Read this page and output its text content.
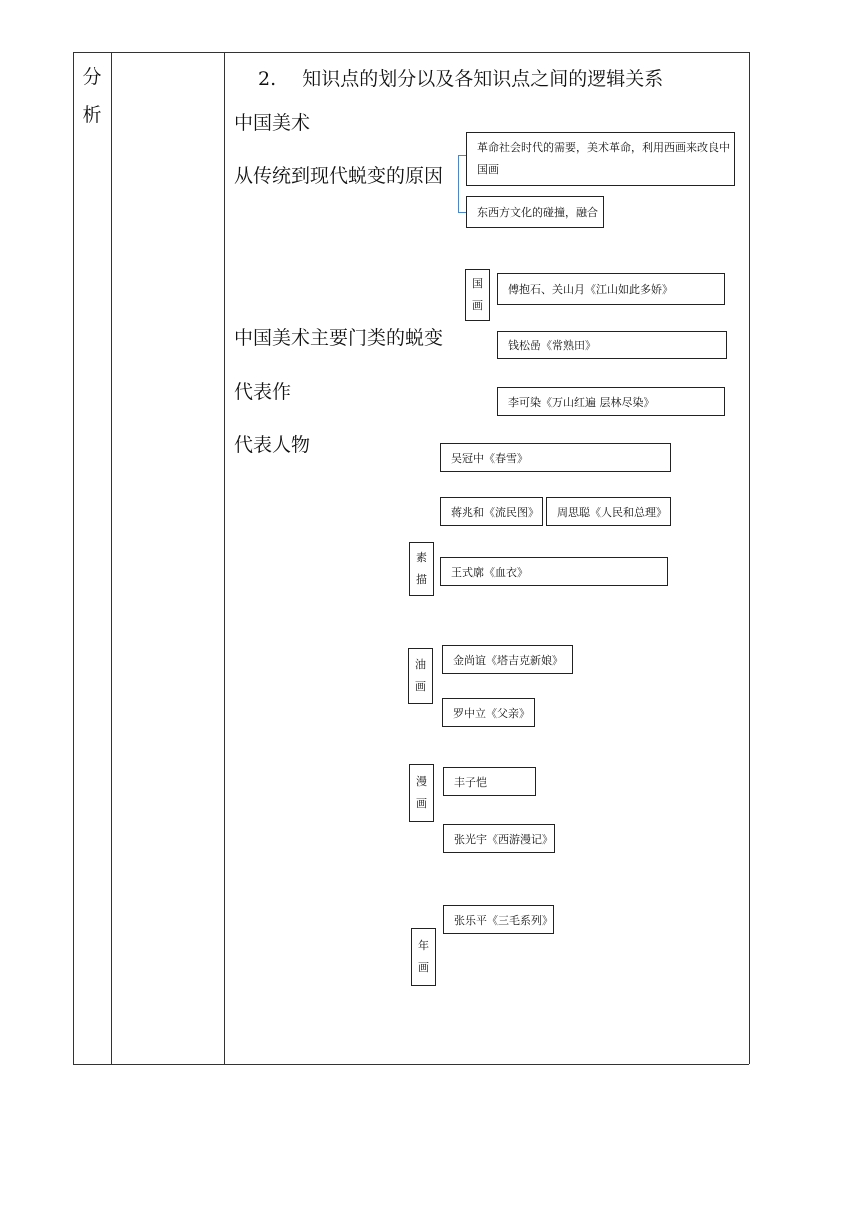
分
析
2. 知识点的划分以及各知识点之间的逻辑关系
中国美术
从传统到现代蜕变的原因
中国美术主要门类的蜕变
代表作
代表人物
革命社会时代的需要，美术革命，利用西画来改良中
国画
东西方文化的碰撞，融合
国
画
傅抱石、关山月《江山如此多娇》
钱松喦《常熟田》
李可染《万山红遍 层林尽染》
吴冠中《春雪》
蒋兆和《流民图》	周思聪《人民和总理》
素
描
王式廓《血衣》
油
画
金尚谊《塔吉克新娘》
罗中立《父亲》
漫
画
丰子恺
张光宇《西游漫记》
年
画
张乐平《三毛系列》
